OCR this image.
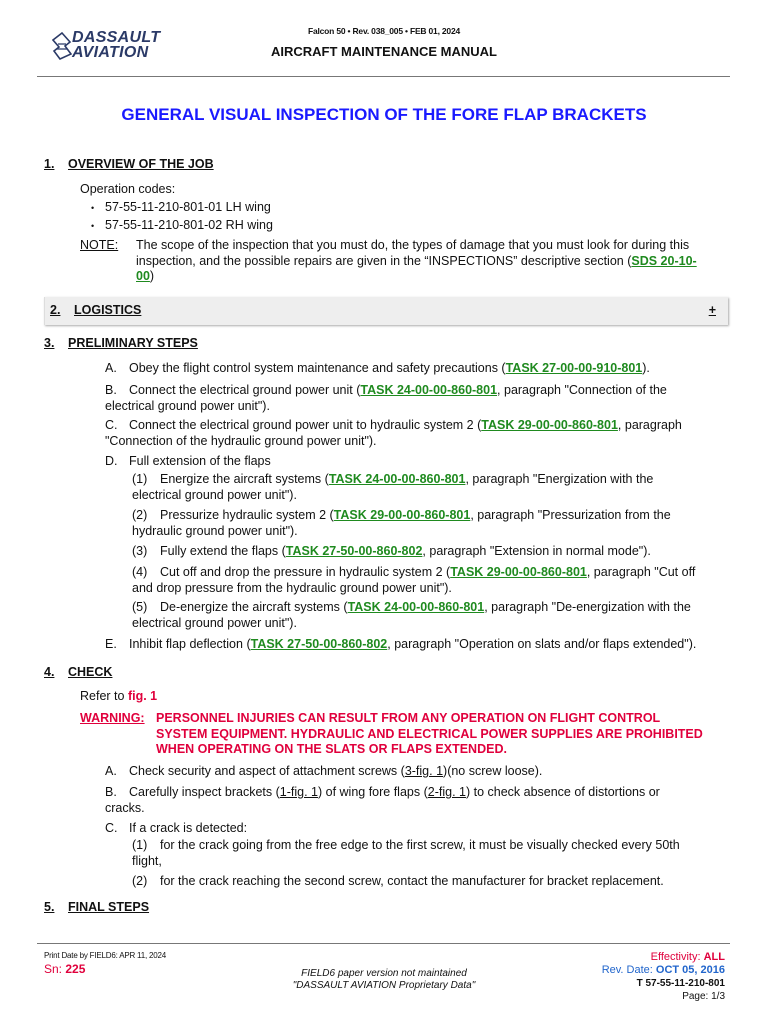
DASSAULT
AVIATION
Falcon 50 • Rev. 038_005 • FEB 01, 2024
AIRCRAFT MAINTENANCE MANUAL
GENERAL VISUAL INSPECTION OF THE FORE FLAP BRACKETS
1. OVERVIEW OF THE JOB
Operation codes:
• 57-55-11-210-801-01 LH wing
• 57-55-11-210-801-02 RH wing
NOTE: The scope of the inspection that you must do, the types of damage that you must look for during this
inspection, and the possible repairs are given in the “INSPECTIONS” descriptive section (SDS 20-10-
00)
2. LOGISTICS	+
3. PRELIMINARY STEPS
A. Obey the flight control system maintenance and safety precautions (TASK 27-00-00-910-801).
B. Connect the electrical ground power unit (TASK 24-00-00-860-801, paragraph "Connection of the
electrical ground power unit").
C. Connect the electrical ground power unit to hydraulic system 2 (TASK 29-00-00-860-801, paragraph
"Connection of the hydraulic ground power unit").
D. Full extension of the flaps
(1) Energize the aircraft systems (TASK 24-00-00-860-801, paragraph "Energization with the
electrical ground power unit").
(2) Pressurize hydraulic system 2 (TASK 29-00-00-860-801, paragraph "Pressurization from the
hydraulic ground power unit").
(3) Fully extend the flaps (TASK 27-50-00-860-802, paragraph "Extension in normal mode").
(4) Cut off and drop the pressure in hydraulic system 2 (TASK 29-00-00-860-801, paragraph "Cut off
and drop pressure from the hydraulic ground power unit").
(5) De-energize the aircraft systems (TASK 24-00-00-860-801, paragraph "De-energization with the
electrical ground power unit").
E. Inhibit flap deflection (TASK 27-50-00-860-802, paragraph "Operation on slats and/or flaps extended").
4. CHECK
Refer to fig. 1
WARNING: PERSONNEL INJURIES CAN RESULT FROM ANY OPERATION ON FLIGHT CONTROL
SYSTEM EQUIPMENT. HYDRAULIC AND ELECTRICAL POWER SUPPLIES ARE PROHIBITED
WHEN OPERATING ON THE SLATS OR FLAPS EXTENDED.
A. Check security and aspect of attachment screws (3-fig. 1)(no screw loose).
B. Carefully inspect brackets (1-fig. 1) of wing fore flaps (2-fig. 1) to check absence of distortions or
cracks.
C. If a crack is detected:
(1) for the crack going from the free edge to the first screw, it must be visually checked every 50th
flight,
(2) for the crack reaching the second screw, contact the manufacturer for bracket replacement.
5. FINAL STEPS
Print Date by FIELD6: APR 11, 2024
Sn: 225	FIELD6 paper version not maintained
"DASSAULT AVIATION Proprietary Data"
Effectivity: ALL
Rev. Date: OCT 05, 2016
T 57-55-11-210-801
Page: 1/3
